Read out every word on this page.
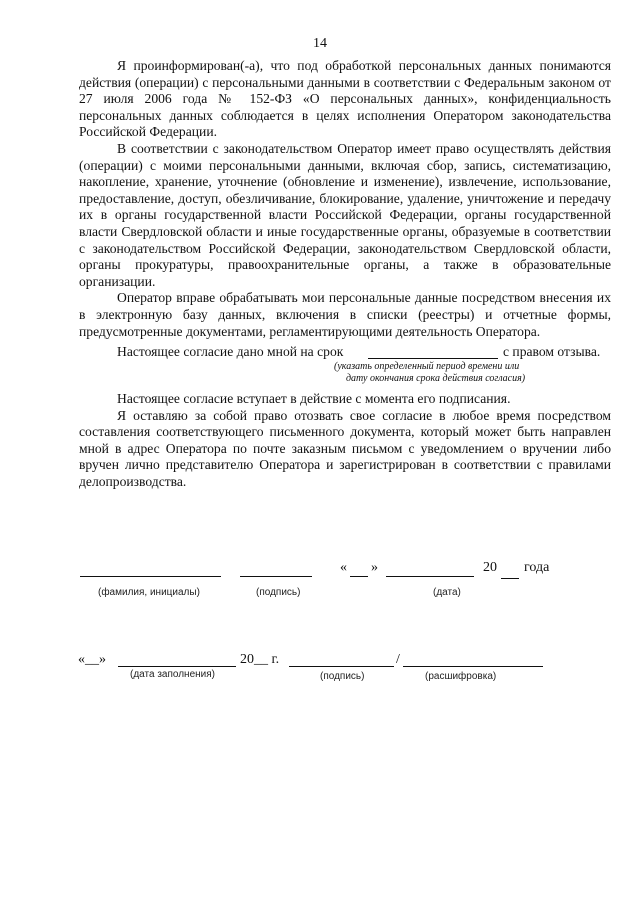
14

Я проинформирован(-а), что под обработкой персональных данных понимаются действия (операции) с персональными данными в соответствии с Федеральным законом от 27 июля 2006 года № 152-ФЗ «О персональных данных», конфиденциальность персональных данных соблюдается в целях исполнения Оператором законодательства Российской Федерации.

В соответствии с законодательством Оператор имеет право осуществлять действия (операции) с моими персональными данными, включая сбор, запись, систематизацию, накопление, хранение, уточнение (обновление и изменение), извлечение, использование, предоставление, доступ, обезличивание, блокирование, удаление, уничтожение и передачу их в органы государственной власти Российской Федерации, органы государственной власти Свердловской области и иные государственные органы, образуемые в соответствии с законодательством Российской Федерации, законодательством Свердловской области, органы прокуратуры, правоохранительные органы, а также в образовательные организации.

Оператор вправе обрабатывать мои персональные данные посредством внесения их в электронную базу данных, включения в списки (реестры) и отчетные формы, предусмотренные документами, регламентирующими деятельность Оператора.

Настоящее согласие дано мной на срок	с правом отзыва.
(указать определенный период времени или
дату окончания срока действия согласия)

Настоящее согласие вступает в действие с момента его подписания.

Я оставляю за собой право отозвать свое согласие в любое время посредством составления соответствующего письменного документа, который может быть направлен мной в адрес Оператора по почте заказным письмом с уведомлением о вручении либо вручен лично представителю Оператора и зарегистрирован в соответствии с правилами делопроизводства.

« »	20 года
(фамилия, инициалы)	(подпись)	(дата)
«__»	20__ г.	/
(дата заполнения)	(подпись)	(расшифровка)
